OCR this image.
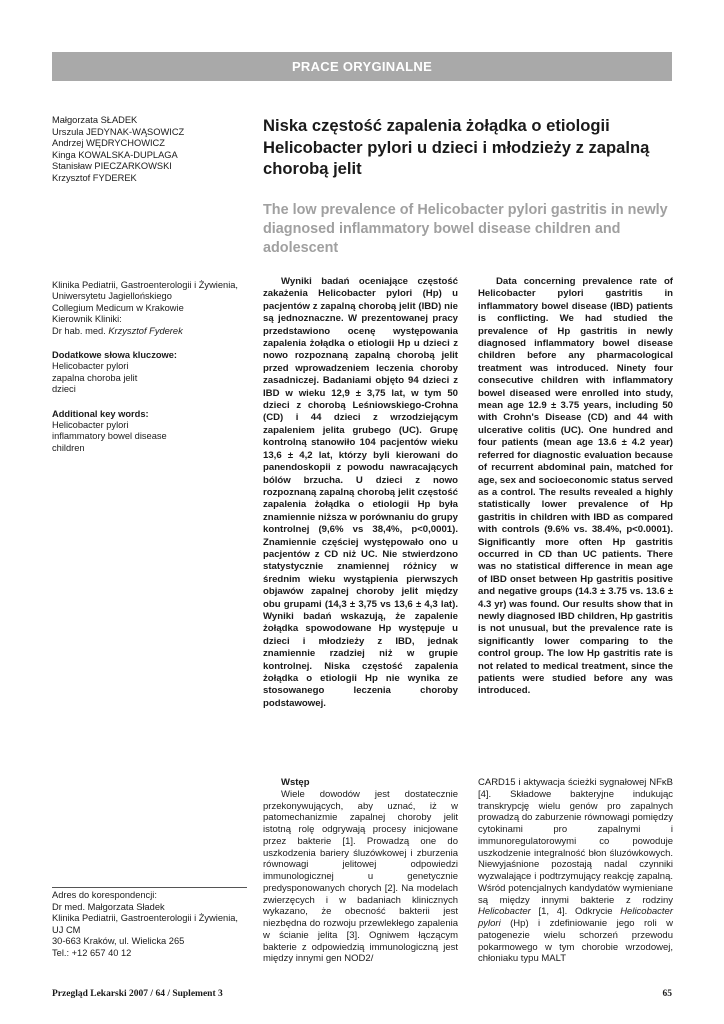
PRACE ORYGINALNE
Małgorzata SŁADEK
Urszula JEDYNAK-WĄSOWICZ
Andrzej WĘDRYCHOWICZ
Kinga KOWALSKA-DUPLAGA
Stanisław PIECZARKOWSKI
Krzysztof FYDEREK
Niska częstość zapalenia żołądka o etiologii Helicobacter pylori u dzieci i młodzieży z zapalną chorobą jelit
The low prevalence of Helicobacter pylori gastritis in newly diagnosed inflammatory bowel disease children and adolescent
Klinika Pediatrii, Gastroenterologii i Żywienia,
Uniwersytetu Jagiellońskiego
Collegium Medicum w Krakowie
Kierownik Kliniki:
Dr hab. med. Krzysztof Fyderek
Dodatkowe słowa kluczowe:
Helicobacter pylori
zapalna choroba jelit
dzieci
Additional key words:
Helicobacter pylori
inflammatory bowel disease
children
Wyniki badań oceniające częstość zakażenia Helicobacter pylori (Hp) u pacjentów z zapalną chorobą jelit (IBD) nie są jednoznaczne. W prezentowanej pracy przedstawiono ocenę występowania zapalenia żołądka o etiologii Hp u dzieci z nowo rozpoznaną zapalną chorobą jelit przed wprowadzeniem leczenia choroby zasadniczej. Badaniami objęto 94 dzieci z IBD w wieku 12,9 ± 3,75 lat, w tym 50 dzieci z chorobą Leśniowskiego-Crohna (CD) i 44 dzieci z wrzodziejącym zapaleniem jelita grubego (UC). Grupę kontrolną stanowiło 104 pacjentów wieku 13,6 ± 4,2 lat, którzy byli kierowani do panendoskopii z powodu nawracających bólów brzucha. U dzieci z nowo rozpoznaną zapalną chorobą jelit częstość zapalenia żołądka o etiologii Hp była znamiennie niższa w porównaniu do grupy kontrolnej (9,6% vs 38,4%, p<0,0001). Znamiennie częściej występowało ono u pacjentów z CD niż UC. Nie stwierdzono statystycznie znamiennej różnicy w średnim wieku wystąpienia pierwszych objawów zapalnej choroby jelit między obu grupami (14,3 ± 3,75 vs 13,6 ± 4,3 lat). Wyniki badań wskazują, że zapalenie żołądka spowodowane Hp występuje u dzieci i młodzieży z IBD, jednak znamiennie rzadziej niż w grupie kontrolnej. Niska częstość zapalenia żołądka o etiologii Hp nie wynika ze stosowanego leczenia choroby podstawowej.
Data concerning prevalence rate of Helicobacter pylori gastritis in inflammatory bowel disease (IBD) patients is conflicting. We had studied the prevalence of Hp gastritis in newly diagnosed inflammatory bowel disease children before any pharmacological treatment was introduced. Ninety four consecutive children with inflammatory bowel diseased were enrolled into study, mean age 12.9 ± 3.75 years, including 50 with Crohn's Disease (CD) and 44 with ulcerative colitis (UC). One hundred and four patients (mean age 13.6 ± 4.2 year) referred for diagnostic evaluation because of recurrent abdominal pain, matched for age, sex and socioeconomic status served as a control. The results revealed a highly statistically lower prevalence of Hp gastritis in children with IBD as compared with controls (9.6% vs. 38.4%, p<0.0001). Significantly more often Hp gastritis occurred in CD than UC patients. There was no statistical difference in mean age of IBD onset between Hp gastritis positive and negative groups (14.3 ± 3.75 vs. 13.6 ± 4.3 yr) was found. Our results show that in newly diagnosed IBD children, Hp gastritis is not unusual, but the prevalence rate is significantly lower comparing to the control group. The low Hp gastritis rate is not related to medical treatment, since the patients were studied before any was introduced.
Wstęp
Wiele dowodów jest dostatecznie przekonywujących, aby uznać, iż w patomechanizmie zapalnej choroby jelit istotną rolę odgrywają procesy inicjowane przez bakterie [1]. Prowadzą one do uszkodzenia bariery śluzówkowej i zburzenia równowagi jelitowej odpowiedzi immunologicznej u genetycznie predysponowanych chorych [2]. Na modelach zwierzęcych i w badaniach klinicznych wykazano, że obecność bakterii jest niezbędna do rozwoju przewlekłego zapalenia w ścianie jelita [3]. Ogniwem łączącym bakterie z odpowiedzią immunologiczną jest między innymi gen NOD2/
CARD15 i aktywacja ścieżki sygnałowej NFκB [4]. Składowe bakteryjne indukując transkrypcję wielu genów pro zapalnych prowadzą do zaburzenie równowagi pomiędzy cytokinami pro zapalnymi i immunoregulatorowymi co powoduje uszkodzenie integralność błon śluzówkowych. Niewyjaśnione pozostają nadal czynniki wyzwalające i podtrzymujący reakcję zapalną. Wśród potencjalnych kandydatów wymieniane są między innymi bakterie z rodziny Helicobacter [1, 4]. Odkrycie Helicobacter pylori (Hp) i zdefiniowanie jego roli w patogenezie wielu schorzeń przewodu pokarmowego w tym chorobie wrzodowej, chłoniaku typu MALT
Adres do korespondencji:
Dr med. Małgorzata Sładek
Klinika Pediatrii, Gastroenterologii i Żywienia,
UJ CM
30-663 Kraków, ul. Wielicka 265
Tel.: +12 657 40 12
Przegląd Lekarski 2007 / 64 / Suplement 3	65
